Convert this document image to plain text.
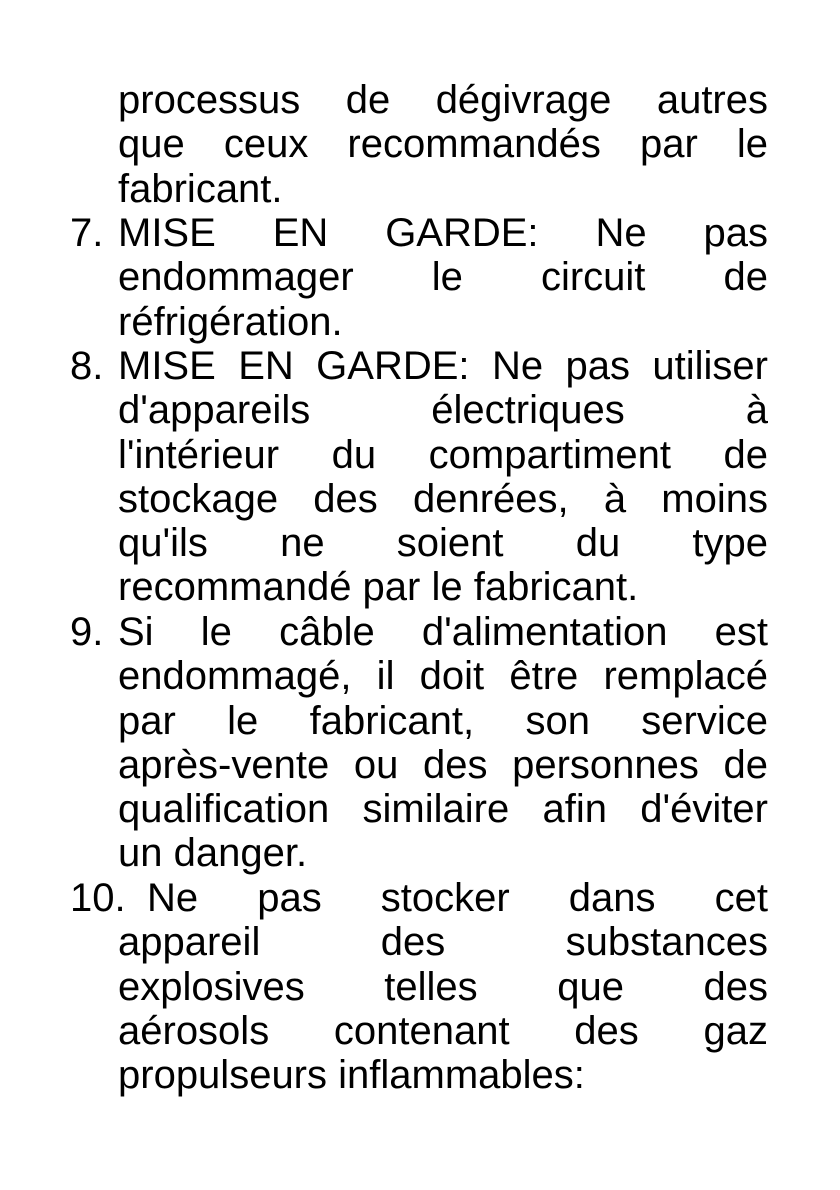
processus de dégivrage autres
que ceux recommandés par le
fabricant.
7. MISE EN GARDE: Ne pas
endommager le circuit de
réfrigération.
8. MISE EN GARDE: Ne pas utiliser
d'appareils électriques à
l'intérieur du compartiment de
stockage des denrées, à moins
qu'ils ne soient du type
recommandé par le fabricant.
9. Si le câble d'alimentation est
endommagé, il doit être remplacé
par le fabricant, son service
après-vente ou des personnes de
qualification similaire afin d'éviter
un danger.
10. Ne pas stocker dans cet
appareil des substances
explosives telles que des
aérosols contenant des gaz
propulseurs inflammables:
